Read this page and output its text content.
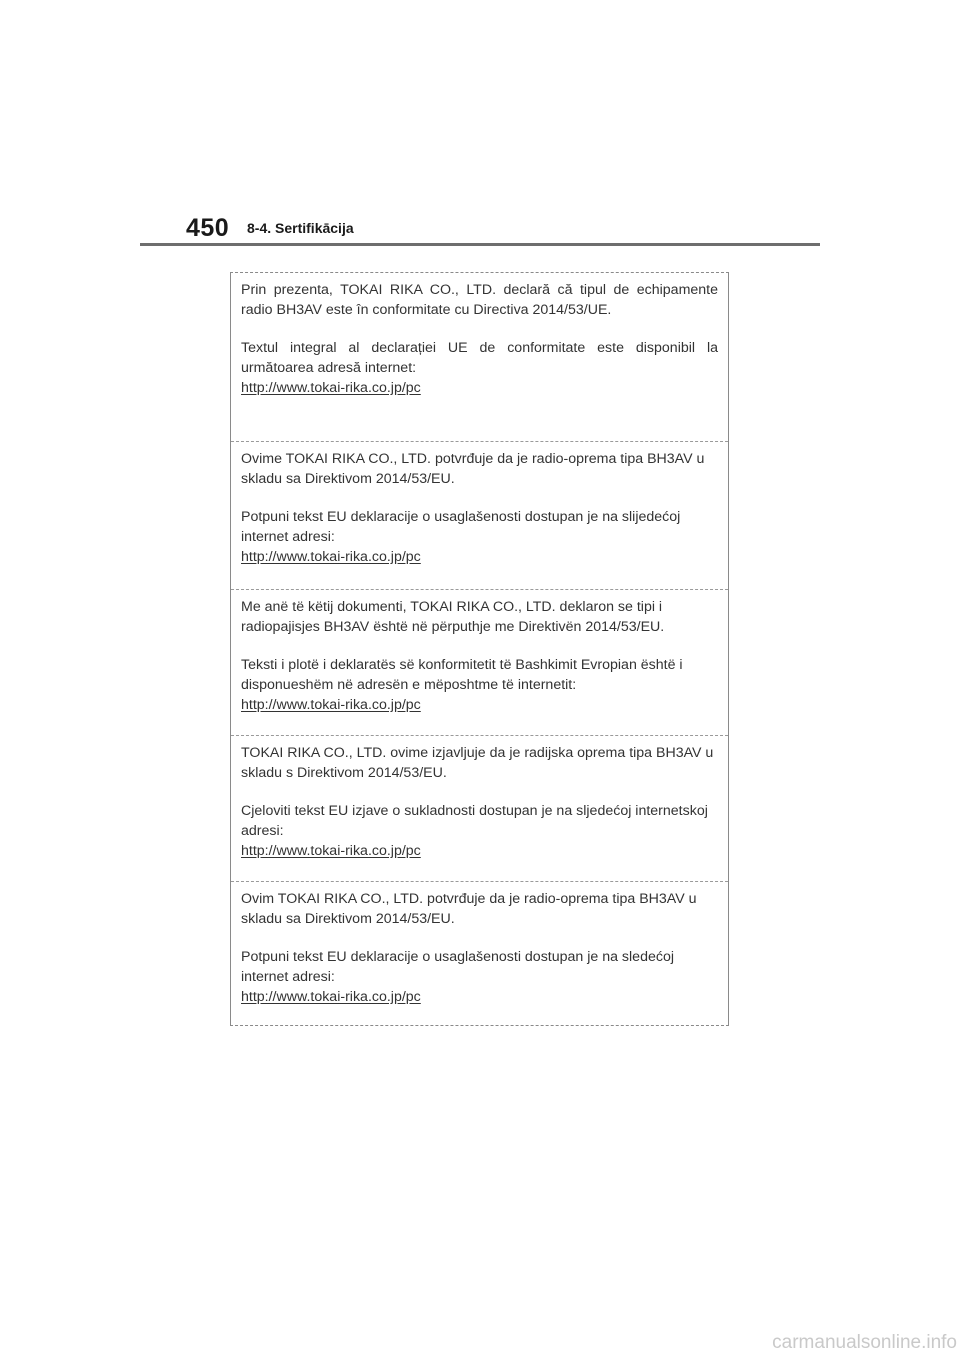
450 8-4. Sertifikācija

Prin prezenta, TOKAI RIKA CO., LTD. declară că tipul de echipamente radio BH3AV este în conformitate cu Directiva 2014/53/UE.

Textul integral al declarației UE de conformitate este disponibil la următoarea adresă internet:

http://www.tokai-rika.co.jp/pc

Ovime TOKAI RIKA CO., LTD. potvrđuje da je radio-oprema tipa BH3AV u skladu sa Direktivom 2014/53/EU.

Potpuni tekst EU deklaracije o usaglašenosti dostupan je na slijedećoj internet adresi:

http://www.tokai-rika.co.jp/pc

Me anë të këtij dokumenti, TOKAI RIKA CO., LTD. deklaron se tipi i radiopajisjes BH3AV është në përputhje me Direktivën 2014/53/EU.

Teksti i plotë i deklaratës së konformitetit të Bashkimit Evropian është i disponueshëm në adresën e mëposhtme të internetit:

http://www.tokai-rika.co.jp/pc

TOKAI RIKA CO., LTD. ovime izjavljuje da je radijska oprema tipa BH3AV u skladu s Direktivom 2014/53/EU.

Cjeloviti tekst EU izjave o sukladnosti dostupan je na sljedećoj internetskoj adresi:

http://www.tokai-rika.co.jp/pc

Ovim TOKAI RIKA CO., LTD. potvrđuje da je radio-oprema tipa BH3AV u skladu sa Direktivom 2014/53/EU.

Potpuni tekst EU deklaracije o usaglašenosti dostupan je na sledećoj internet adresi:

http://www.tokai-rika.co.jp/pc
carmanualsonline.info
